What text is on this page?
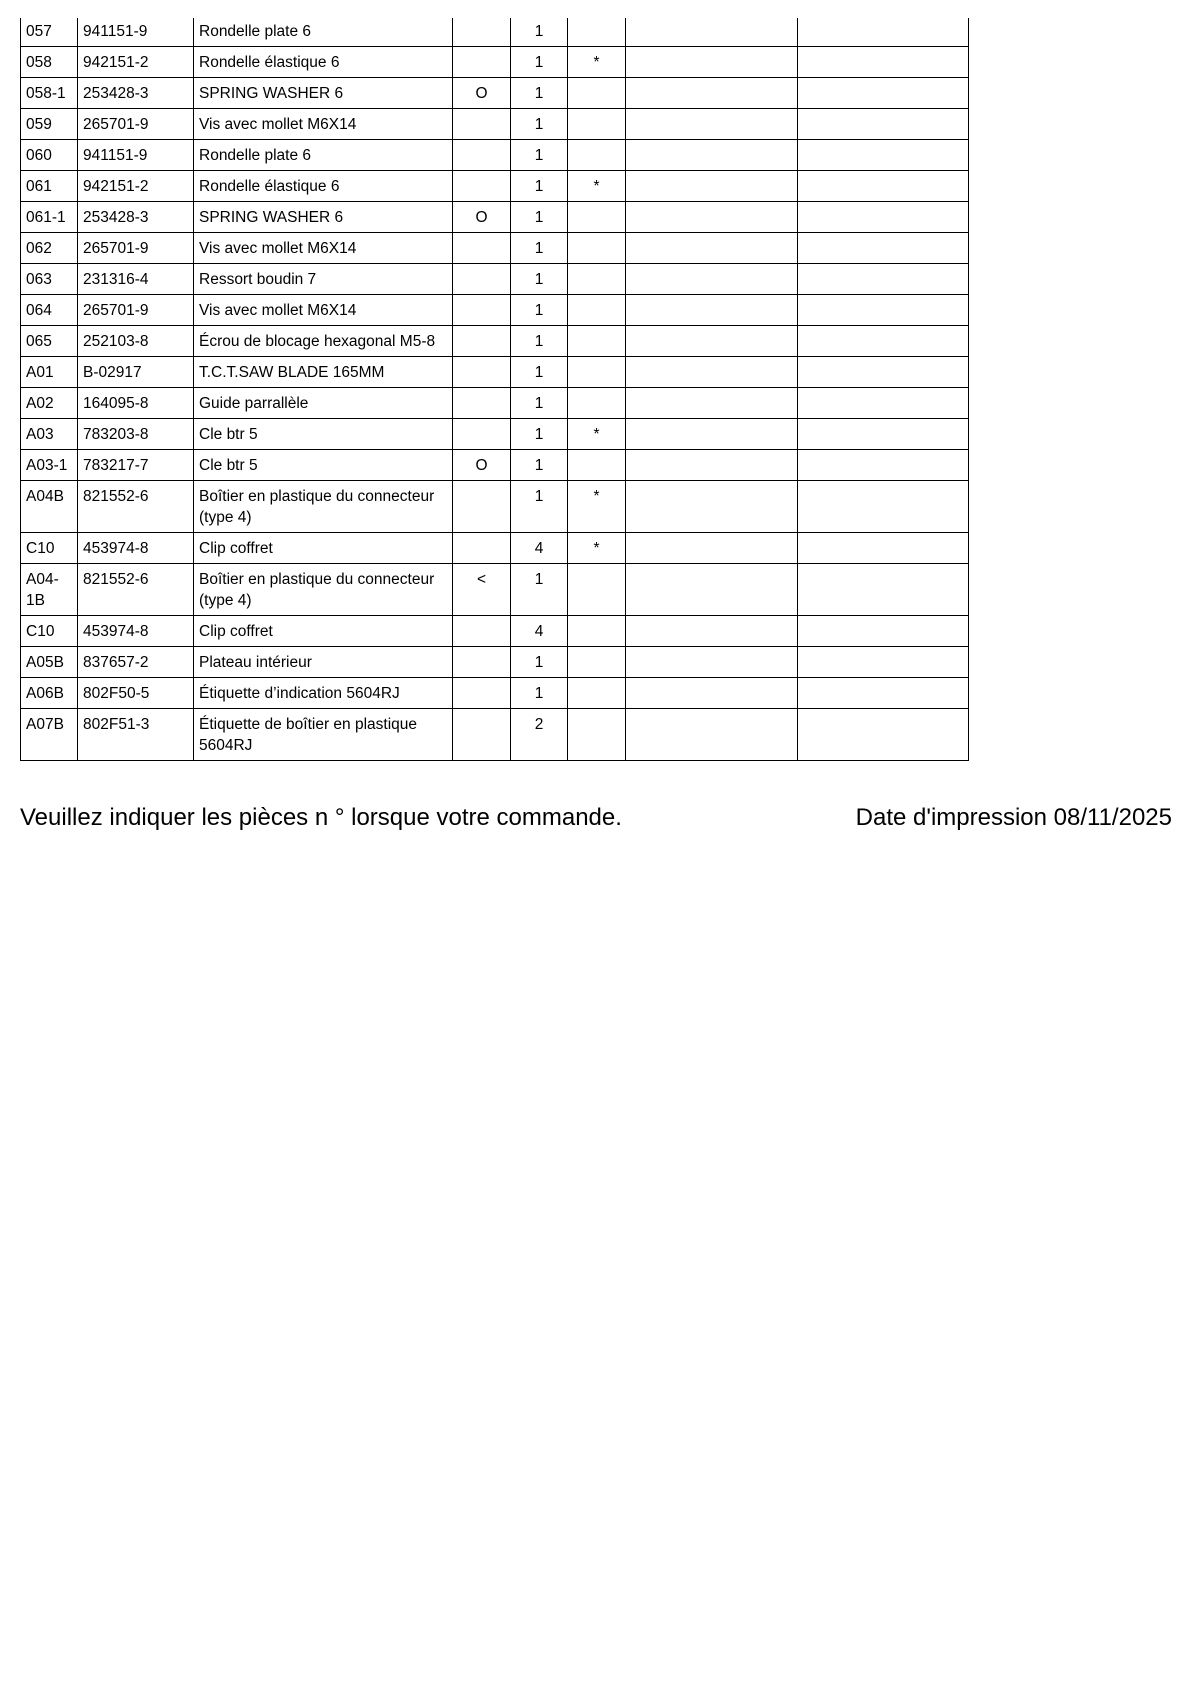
057	941151-9	Rondelle plate 6		1			
058	942151-2	Rondelle élastique 6		1	*		
058-1	253428-3	SPRING WASHER 6	O	1			
059	265701-9	Vis avec mollet M6X14		1			
060	941151-9	Rondelle plate 6		1			
061	942151-2	Rondelle élastique 6		1	*		
061-1	253428-3	SPRING WASHER 6	O	1			
062	265701-9	Vis avec mollet M6X14		1			
063	231316-4	Ressort boudin 7		1			
064	265701-9	Vis avec mollet M6X14		1			
065	252103-8	Écrou de blocage hexagonal M5-8		1			
A01	B-02917	T.C.T.SAW BLADE 165MM		1			
A02	164095-8	Guide parrallèle		1			
A03	783203-8	Cle btr 5		1	*		
A03-1	783217-7	Cle btr 5	O	1			
A04B	821552-6	Boîtier en plastique du connecteur (type 4)		1	*		
C10	453974-8	Clip coffret		4	*		
A04-1B	821552-6	Boîtier en plastique du connecteur (type 4)	<	1			
C10	453974-8	Clip coffret		4			
A05B	837657-2	Plateau intérieur		1			
A06B	802F50-5	Étiquette d’indication 5604RJ		1			
A07B	802F51-3	Étiquette de boîtier en plastique 5604RJ		2			
Veuillez indiquer les pièces n ° lorsque votre commande.	Date d'impression 08/11/2025
